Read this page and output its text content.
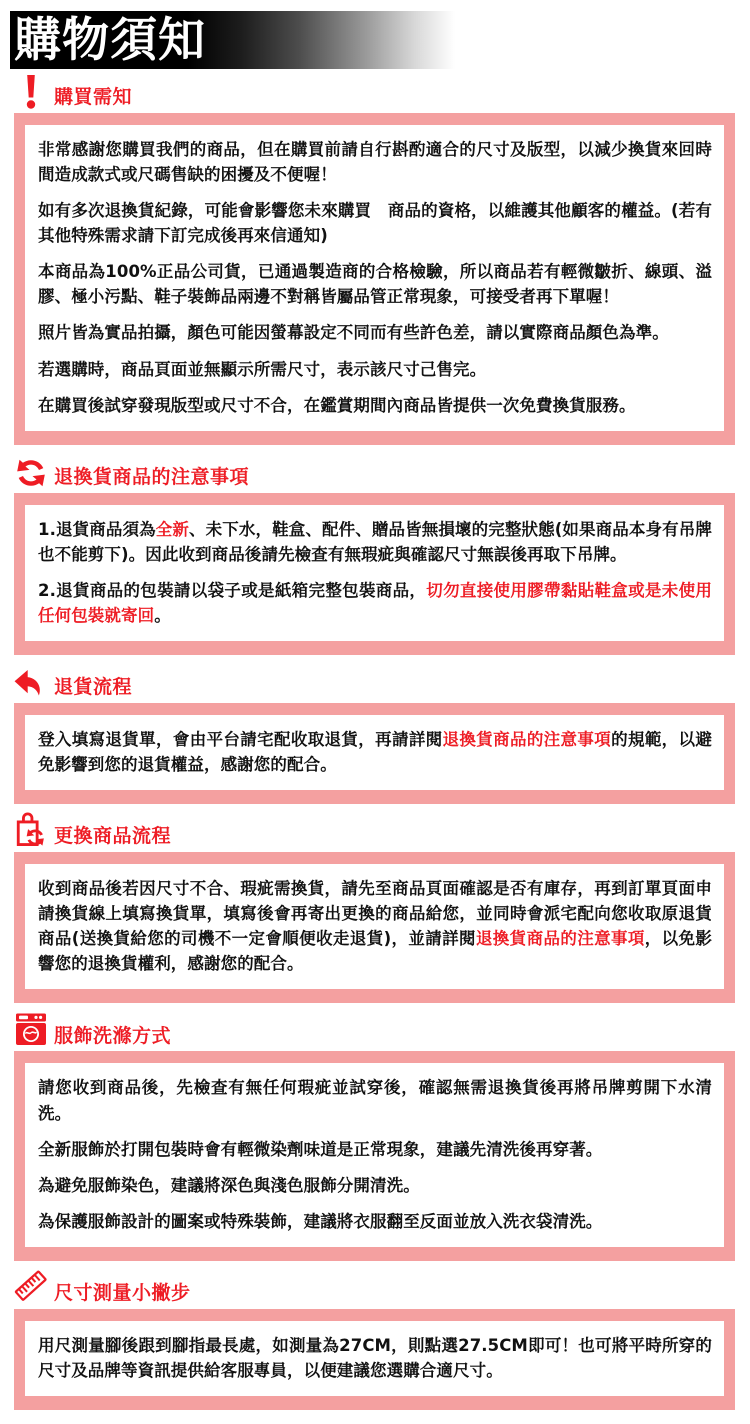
購物須知
購買需知

非常感謝您購買我們的商品，但在購買前請自行斟酌適合的尺寸及版型，以減少換貨來回時間造成款式或尺碼售缺的困擾及不便喔！

如有多次退換貨紀錄，可能會影響您未來購買　商品的資格，以維護其他顧客的權益。(若有其他特殊需求請下訂完成後再來信通知)

本商品為100%正品公司貨，已通過製造商的合格檢驗，所以商品若有輕微皺折、線頭、溢膠、極小污點、鞋子裝飾品兩邊不對稱皆屬品管正常現象，可接受者再下單喔！

照片皆為實品拍攝，顏色可能因螢幕設定不同而有些許色差，請以實際商品顏色為準。

若選購時，商品頁面並無顯示所需尺寸，表示該尺寸己售完。

在購買後試穿發現版型或尺寸不合，在鑑賞期間內商品皆提供一次免費換貨服務。

退換貨商品的注意事項

1.退貨商品須為全新、未下水，鞋盒、配件、贈品皆無損壞的完整狀態(如果商品本身有吊牌也不能剪下)。因此收到商品後請先檢查有無瑕疵與確認尺寸無誤後再取下吊牌。

2.退貨商品的包裝請以袋子或是紙箱完整包裝商品，切勿直接使用膠帶黏貼鞋盒或是未使用任何包裝就寄回。

退貨流程

登入填寫退貨單，會由平台請宅配收取退貨，再請詳閱退換貨商品的注意事項的規範，以避免影響到您的退貨權益，感謝您的配合。

更換商品流程

收到商品後若因尺寸不合、瑕疵需換貨，請先至商品頁面確認是否有庫存，再到訂單頁面申請換貨線上填寫換貨單，填寫後會再寄出更換的商品給您，並同時會派宅配向您收取原退貨商品(送換貨給您的司機不一定會順便收走退貨)，並請詳閱退換貨商品的注意事項，以免影響您的退換貨權利，感謝您的配合。

服飾洗滌方式

請您收到商品後，先檢查有無任何瑕疵並試穿後，確認無需退換貨後再將吊牌剪開下水清洗。

全新服飾於打開包裝時會有輕微染劑味道是正常現象，建議先清洗後再穿著。

為避免服飾染色，建議將深色與淺色服飾分開清洗。

為保護服飾設計的圖案或特殊裝飾，建議將衣服翻至反面並放入洗衣袋清洗。

尺寸測量小撇步

用尺測量腳後跟到腳指最長處，如測量為27CM，則點選27.5CM即可！也可將平時所穿的尺寸及品牌等資訊提供給客服專員，以便建議您選購合適尺寸。
